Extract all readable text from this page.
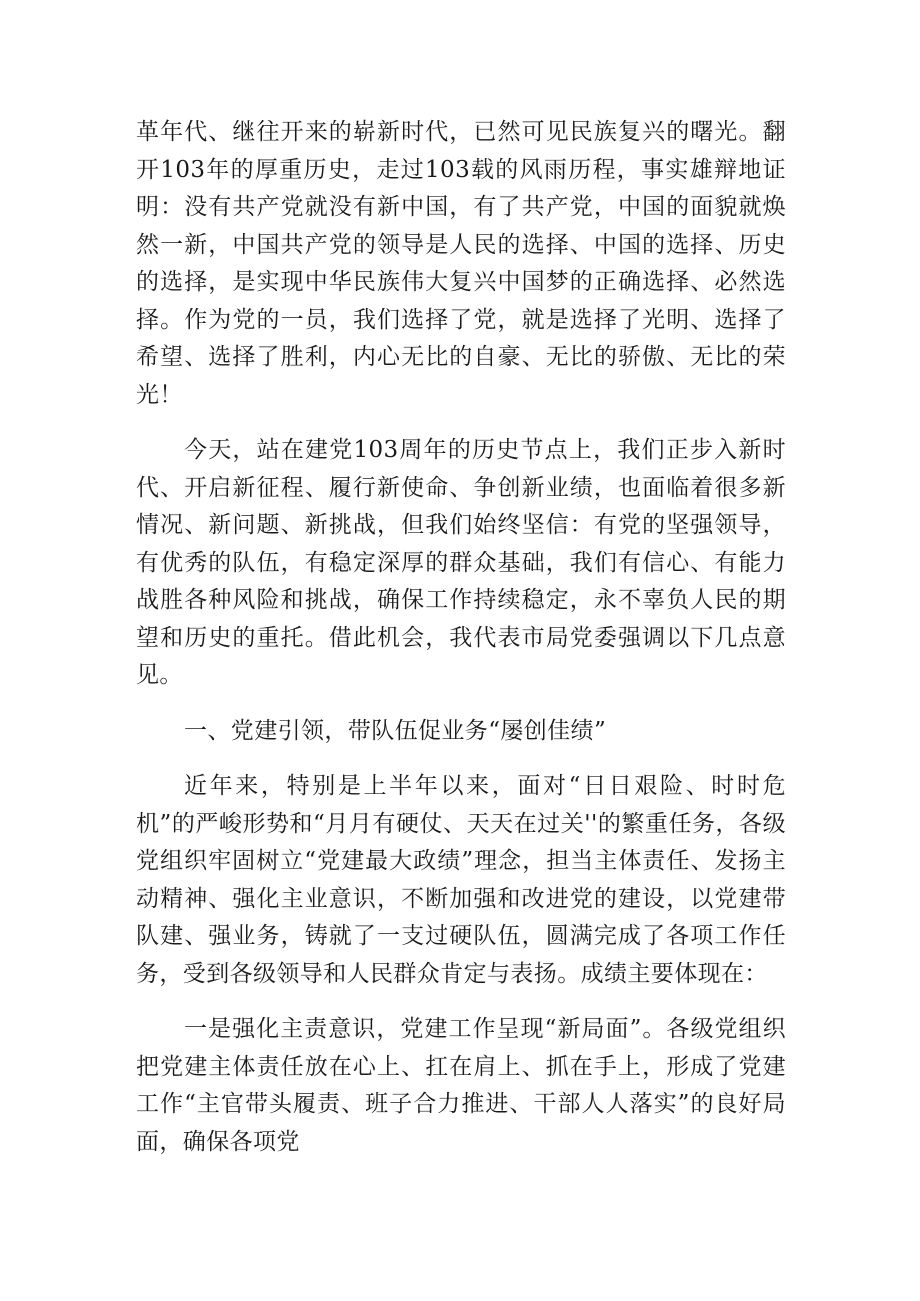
革年代、继往开来的崭新时代，已然可见民族复兴的曙光。翻开103年的厚重历史，走过103载的风雨历程，事实雄辩地证明：没有共产党就没有新中国，有了共产党，中国的面貌就焕然一新，中国共产党的领导是人民的选择、中国的选择、历史的选择，是实现中华民族伟大复兴中国梦的正确选择、必然选择。作为党的一员，我们选择了党，就是选择了光明、选择了希望、选择了胜利，内心无比的自豪、无比的骄傲、无比的荣光！

今天，站在建党103周年的历史节点上，我们正步入新时代、开启新征程、履行新使命、争创新业绩，也面临着很多新情况、新问题、新挑战，但我们始终坚信：有党的坚强领导，有优秀的队伍，有稳定深厚的群众基础，我们有信心、有能力战胜各种风险和挑战，确保工作持续稳定，永不辜负人民的期望和历史的重托。借此机会，我代表市局党委强调以下几点意见。

一、党建引领，带队伍促业务“屡创佳绩”

近年来，特别是上半年以来，面对“日日艰险、时时危机”的严峻形势和“月月有硬仗、天天在过关''的繁重任务，各级党组织牢固树立“党建最大政绩”理念，担当主体责任、发扬主动精神、强化主业意识，不断加强和改进党的建设，以党建带队建、强业务，铸就了一支过硬队伍，圆满完成了各项工作任务，受到各级领导和人民群众肯定与表扬。成绩主要体现在：

一是强化主责意识，党建工作呈现“新局面”。各级党组织把党建主体责任放在心上、扛在肩上、抓在手上，形成了党建工作“主官带头履责、班子合力推进、干部人人落实”的良好局面，确保各项党
